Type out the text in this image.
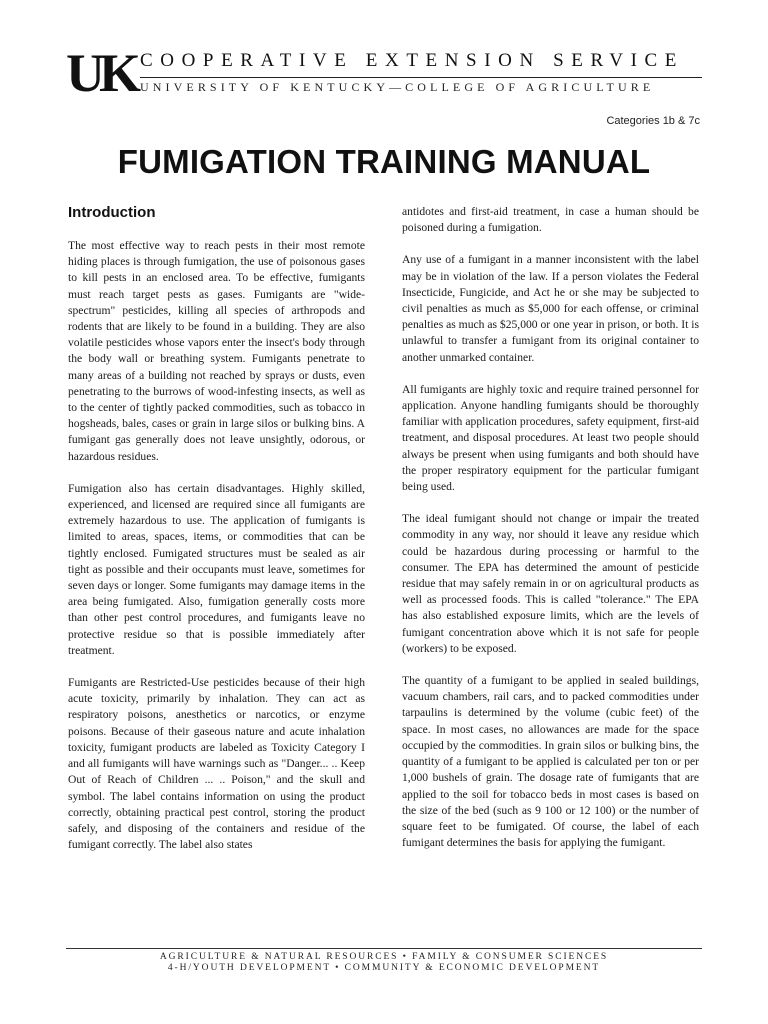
UK COOPERATIVE EXTENSION SERVICE
UNIVERSITY OF KENTUCKY—COLLEGE OF AGRICULTURE
Categories 1b & 7c
FUMIGATION TRAINING MANUAL
Introduction

The most effective way to reach pests in their most remote hiding places is through fumigation, the use of poisonous gases to kill pests in an enclosed area. To be effective, fumigants must reach target pests as gases. Fumigants are "wide-spectrum" pesticides, killing all species of arthropods and rodents that are likely to be found in a building. They are also volatile pesticides whose vapors enter the insect's body through the body wall or breathing system. Fumigants penetrate to many areas of a building not reached by sprays or dusts, even penetrating to the burrows of wood-infesting insects, as well as to the center of tightly packed commodities, such as tobacco in hogsheads, bales, cases or grain in large silos or bulking bins. A fumigant gas generally does not leave unsightly, odorous, or hazardous residues.

Fumigation also has certain disadvantages. Highly skilled, experienced, and licensed are required since all fumigants are extremely hazardous to use. The application of fumigants is limited to areas, spaces, items, or commodities that can be tightly enclosed. Fumigated structures must be sealed as air tight as possible and their occupants must leave, sometimes for seven days or longer. Some fumigants may damage items in the area being fumigated. Also, fumigation generally costs more than other pest control procedures, and fumigants leave no protective residue so that is possible immediately after treatment.

Fumigants are Restricted-Use pesticides because of their high acute toxicity, primarily by inhalation. They can act as respiratory poisons, anesthetics or narcotics, or enzyme poisons. Because of their gaseous nature and acute inhalation toxicity, fumigant products are labeled as Toxicity Category I and all fumigants will have warnings such as "Danger... .. Keep Out of Reach of Children ... .. Poison," and the skull and symbol. The label contains information on using the product correctly, obtaining practical pest control, storing the product safely, and disposing of the containers and residue of the fumigant correctly. The label also states

antidotes and first-aid treatment, in case a human should be poisoned during a fumigation.

Any use of a fumigant in a manner inconsistent with the label may be in violation of the law. If a person violates the Federal Insecticide, Fungicide, and Act he or she may be subjected to civil penalties as much as $5,000 for each offense, or criminal penalties as much as $25,000 or one year in prison, or both. It is unlawful to transfer a fumigant from its original container to another unmarked container.

All fumigants are highly toxic and require trained personnel for application. Anyone handling fumigants should be thoroughly familiar with application procedures, safety equipment, first-aid treatment, and disposal procedures. At least two people should always be present when using fumigants and both should have the proper respiratory equipment for the particular fumigant being used.

The ideal fumigant should not change or impair the treated commodity in any way, nor should it leave any residue which could be hazardous during processing or harmful to the consumer. The EPA has determined the amount of pesticide residue that may safely remain in or on agricultural products as well as processed foods. This is called "tolerance." The EPA has also established exposure limits, which are the levels of fumigant concentration above which it is not safe for people (workers) to be exposed.

The quantity of a fumigant to be applied in sealed buildings, vacuum chambers, rail cars, and to packed commodities under tarpaulins is determined by the volume (cubic feet) of the space. In most cases, no allowances are made for the space occupied by the commodities. In grain silos or bulking bins, the quantity of a fumigant to be applied is calculated per ton or per 1,000 bushels of grain. The dosage rate of fumigants that are applied to the soil for tobacco beds in most cases is based on the size of the bed (such as 9 100 or 12 100) or the number of square feet to be fumigated. Of course, the label of each fumigant determines the basis for applying the fumigant.

AGRICULTURE & NATURAL RESOURCES • FAMILY & CONSUMER SCIENCES
4-H/YOUTH DEVELOPMENT • COMMUNITY & ECONOMIC DEVELOPMENT
